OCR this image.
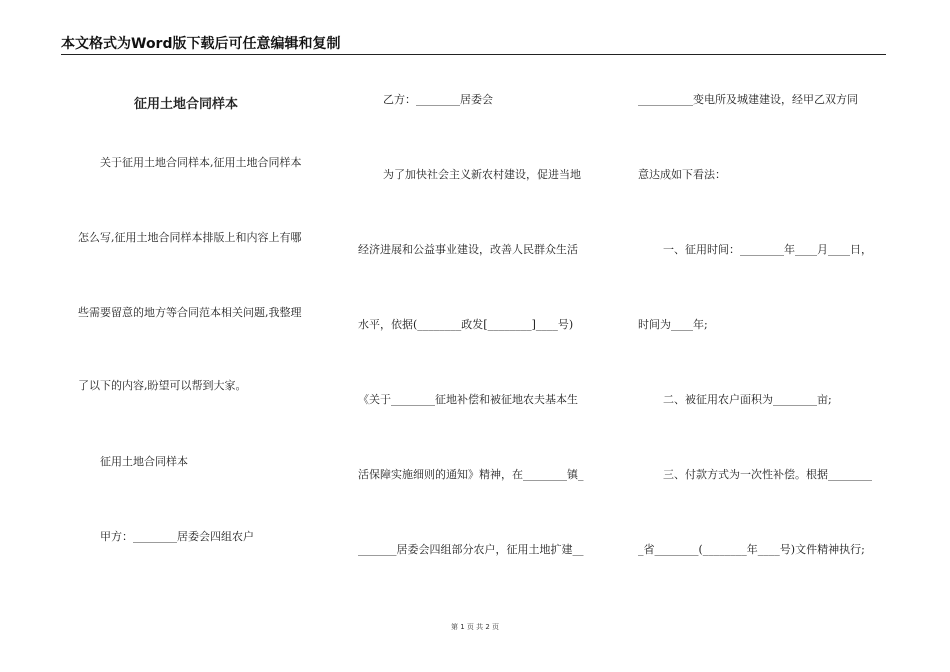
本文格式为Word版下载后可任意编辑和复制
征用土地合同样本
关于征用土地合同样本,征用土地合同样本
怎么写,征用土地合同样本排版上和内容上有哪
些需要留意的地方等合同范本相关问题,我整理
了以下的内容,盼望可以帮到大家。
征用土地合同样本
甲方：________居委会四组农户
乙方：________居委会
为了加快社会主义新农村建设，促进当地
经济进展和公益事业建设，改善人民群众生活
水平，依据(________政发[________]____号)
《关于________征地补偿和被征地农夫基本生
活保障实施细则的通知》精神，在________镇_
_______居委会四组部分农户，征用土地扩建__
__________变电所及城建建设，经甲乙双方同
意达成如下看法：
一、征用时间：________年____月____日，
时间为____年;
二、被征用农户面积为________亩;
三、付款方式为一次性补偿。根据________
_省________(________年____号)文件精神执行;
第 1 页 共 2 页
